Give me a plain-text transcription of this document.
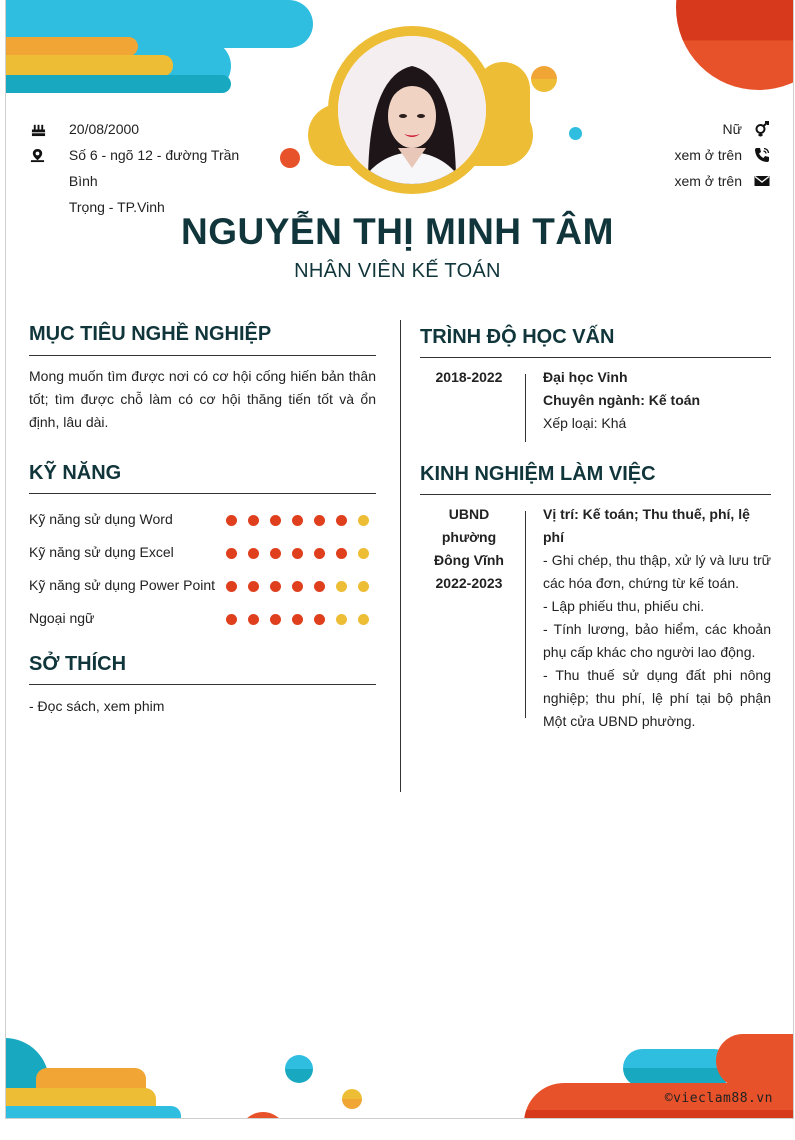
20/08/2000
Số 6 - ngõ 12 - đường Trần Bình
Trọng - TP.Vinh
Nữ
xem ở trên
xem ở trên
NGUYỄN THỊ MINH TÂM
NHÂN VIÊN KẾ TOÁN
MỤC TIÊU NGHỀ NGHIỆP
Mong muốn tìm được nơi có cơ hội cống hiến bản thân tốt; tìm được chỗ làm có cơ hội thăng tiến tốt và ổn định, lâu dài.
KỸ NĂNG
Kỹ năng sử dụng Word
Kỹ năng sử dụng Excel
Kỹ năng sử dụng Power Point
Ngoại ngữ
SỞ THÍCH
- Đọc sách, xem phim
TRÌNH ĐỘ HỌC VẤN
2018-2022	Đại học Vinh
Chuyên ngành: Kế toán
Xếp loại: Khá
KINH NGHIỆM LÀM VIỆC
UBND phường
Đông Vĩnh
2022-2023
Vị trí: Kế toán; Thu thuế, phí, lệ phí
- Ghi chép, thu thập, xử lý và lưu trữ các hóa đơn, chứng từ kế toán.
- Lập phiếu thu, phiếu chi.
- Tính lương, bảo hiểm, các khoản phụ cấp khác cho người lao động.
- Thu thuế sử dụng đất phi nông nghiệp; thu phí, lệ phí tại bộ phận Một cửa UBND phường.
©vieclam88.vn
